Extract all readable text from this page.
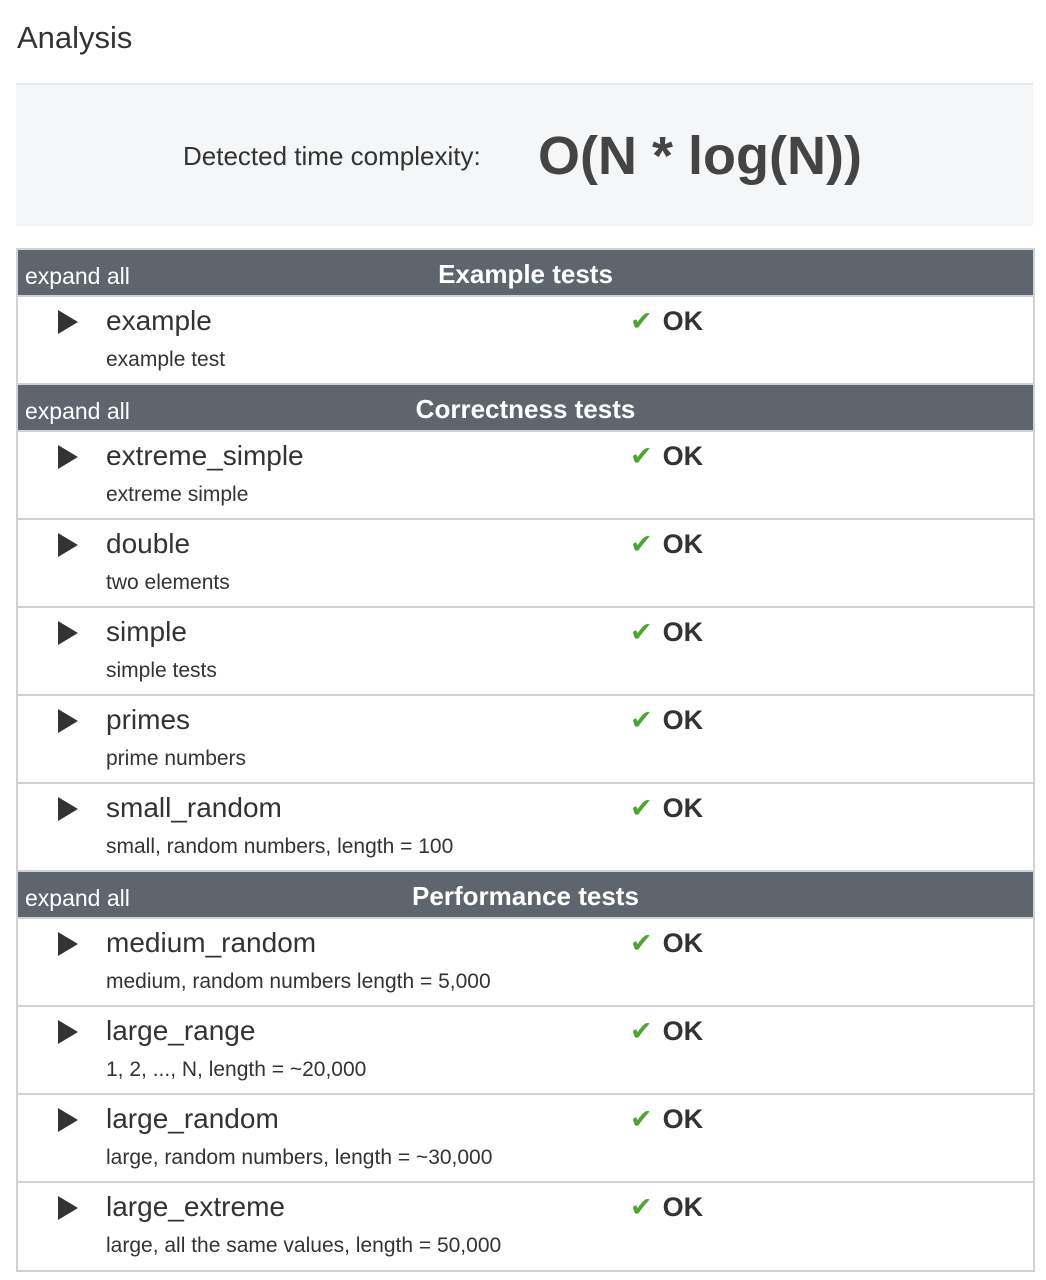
Analysis
Detected time complexity: O(N * log(N))
expand all	Example tests
example
example test
✔ OK
expand all	Correctness tests
extreme_simple
extreme simple
✔ OK
double
two elements
✔ OK
simple
simple tests
✔ OK
primes
prime numbers
✔ OK
small_random
small, random numbers, length = 100
✔ OK
expand all	Performance tests
medium_random
medium, random numbers length = 5,000
✔ OK
large_range
1, 2, ..., N, length = ~20,000
✔ OK
large_random
large, random numbers, length = ~30,000
✔ OK
large_extreme
large, all the same values, length = 50,000
✔ OK
